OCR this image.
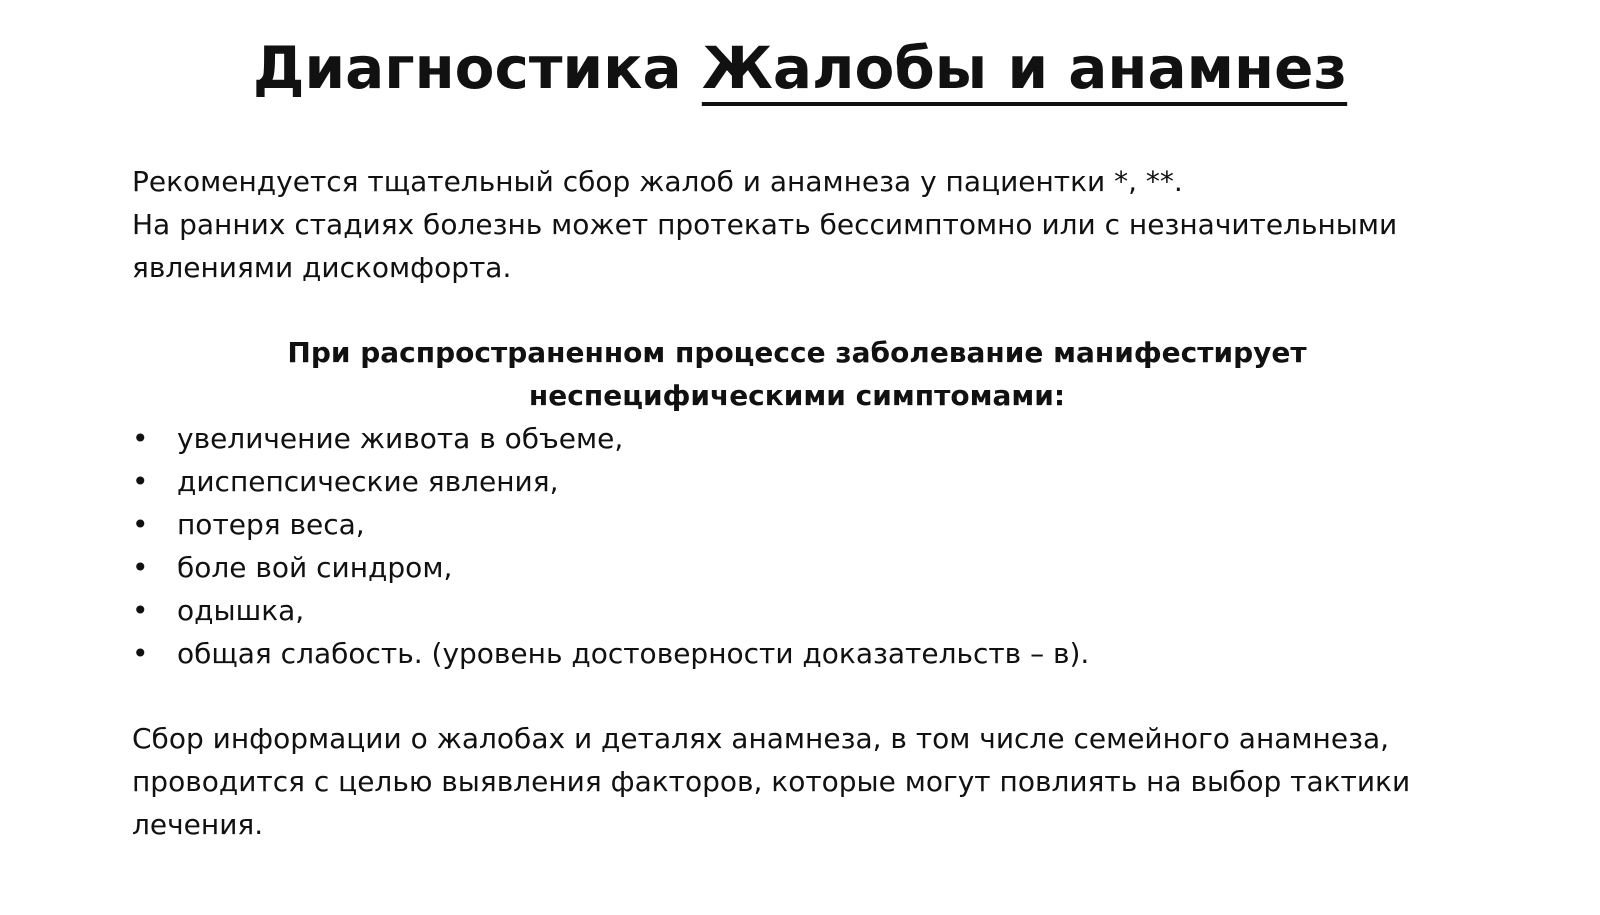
Диагностика Жалобы и анамнез

Рекомендуется тщательный сбор жалоб и анамнеза у пациентки *, **.

На ранних стадиях болезнь может протекать бессимптомно или с незначительными явлениями дискомфорта.

При распространенном процессе заболевание манифестирует неспецифическими симптомами:

• увеличение живота в объеме,
• диспепсические явления,
• потеря веса,
• боле вой синдром,
• одышка,
• общая слабость. (уровень достоверности доказательств – в).

Сбор информации о жалобах и деталях анамнеза, в том числе семейного анамнеза, проводится с целью выявления факторов, которые могут повлиять на выбор тактики лечения.
